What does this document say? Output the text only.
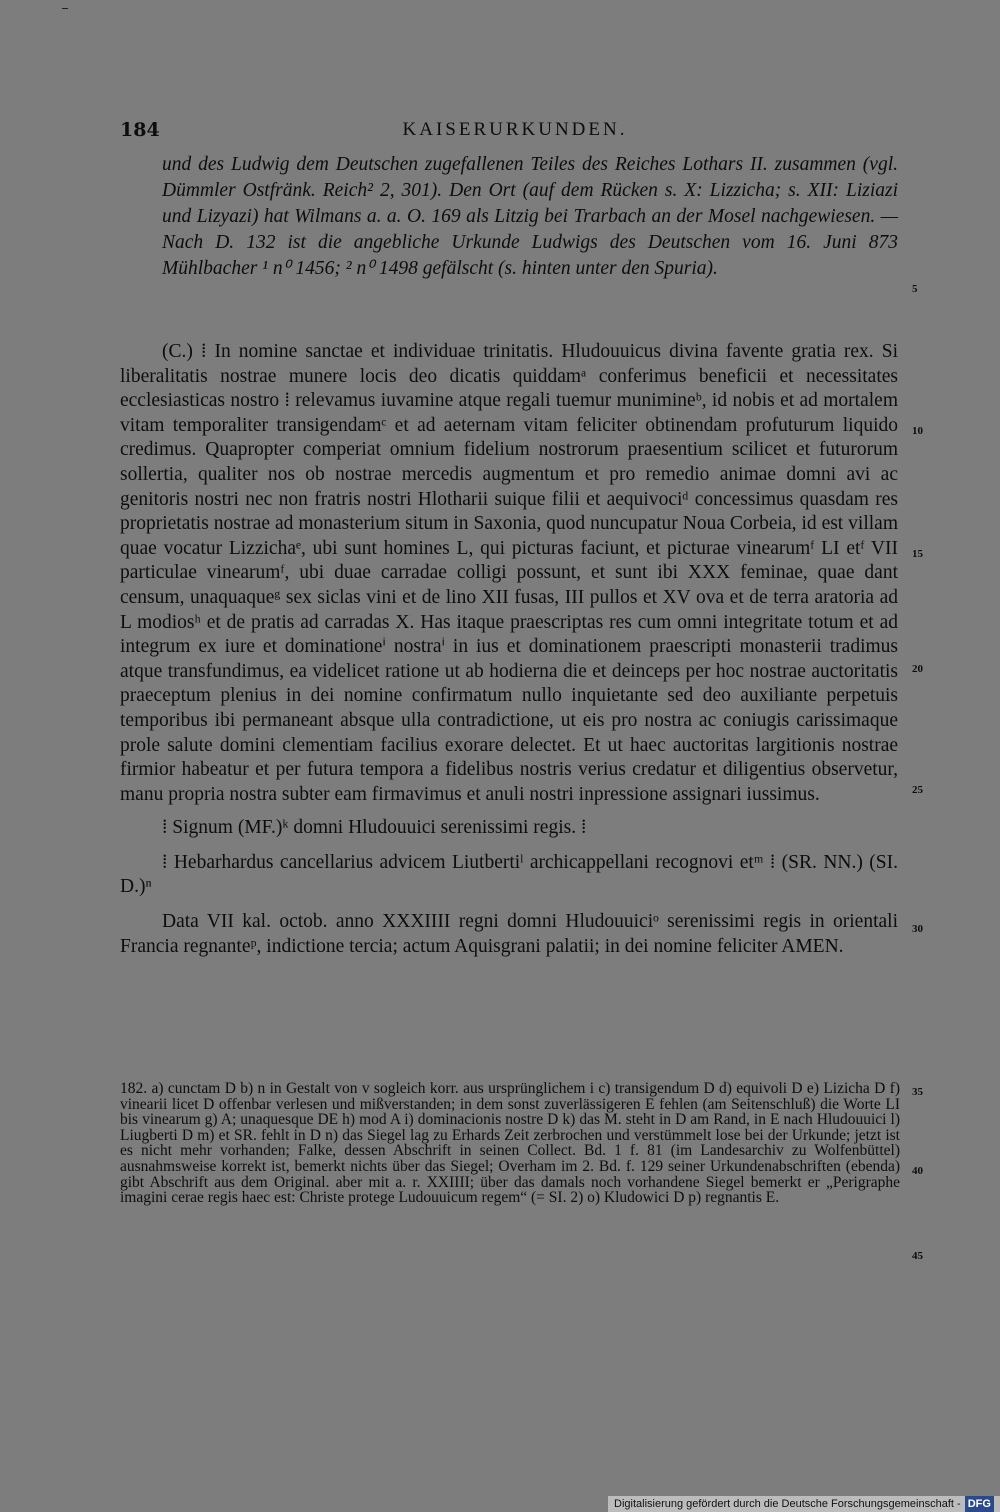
184	KAISERURKUNDEN.
und des Ludwig dem Deutschen zugefallenen Teiles des Reiches Lothars II. zusammen (vgl. Dümmler Ostfränk. Reich² 2, 301). Den Ort (auf dem Rücken s. X: Lizzicha; s. XII: Liziazi und Lizyazi) hat Wilmans a. a. O. 169 als Litzig bei Trarbach an der Mosel nachgewiesen. — Nach D. 132 ist die angebliche Urkunde Ludwigs des Deutschen vom 16. Juni 873 Mühlbacher ¹ n⁰ 1456; ² n⁰ 1498 gefälscht (s. hinten unter den Spuria).

(C.) ⁞ In nomine sanctae et individuae trinitatis. Hludouuicus divina favente gratia rex. Si liberalitatis nostrae munere locis deo dicatis quiddamᵃ conferimus beneficii et necessitates ecclesiasticas nostro ⁞ relevamus iuvamine atque regali tuemur munimineᵇ, id nobis et ad mortalem vitam temporaliter transigendamᶜ et ad aeternam vitam feliciter obtinendam profuturum liquido credimus. Quapropter comperiat omnium fidelium nostrorum praesentium scilicet et futurorum sollertia, qualiter nos ob nostrae mercedis augmentum et pro remedio animae domni avi ac genitoris nostri nec non fratris nostri Hlotharii suique filii et aequivociᵈ concessimus quasdam res proprietatis nostrae ad monasterium situm in Saxonia, quod nuncupatur Noua Corbeia, id est villam quae vocatur Lizzichaᵉ, ubi sunt homines L, qui picturas faciunt, et picturae vinearumᶠ LI etᶠ VII particulae vinearumᶠ, ubi duae carradae colligi possunt, et sunt ibi XXX feminae, quae dant censum, unaquaqueᵍ sex siclas vini et de lino XII fusas, III pullos et XV ova et de terra aratoria ad L modiosʰ et de pratis ad carradas X. Has itaque praescriptas res cum omni integritate totum et ad integrum ex iure et dominationeⁱ nostraⁱ in ius et dominationem praescripti monasterii tradimus atque transfundimus, ea videlicet ratione ut ab hodierna die et deinceps per hoc nostrae auctoritatis praeceptum plenius in dei nomine confirmatum nullo inquietante sed deo auxiliante perpetuis temporibus ibi permaneant absque ulla contradictione, ut eis pro nostra ac coniugis carissimaque prole salute domini clementiam facilius exorare delectet. Et ut haec auctoritas largitionis nostrae firmior habeatur et per futura tempora a fidelibus nostris verius credatur et diligentius observetur, manu propria nostra subter eam firmavimus et anuli nostri inpressione assignari iussimus.

⁞ Signum (MF.)ᵏ domni Hludouuici serenissimi regis. ⁞

⁞ Hebarhardus cancellarius advicem Liutbertiˡ archicappellani recognovi etᵐ ⁞ (SR. NN.) (SI. D.)ⁿ

Data VII kal. octob. anno XXXIIII regni domni Hludouuiciᵒ serenissimi regis in orientali Francia regnanteᵖ, indictione tercia; actum Aquisgrani palatii; in dei nomine feliciter AMEN.

182. a) cunctam D b) n in Gestalt von v sogleich korr. aus ursprünglichem i c) transigendum D d) equivoli D e) Lizicha D f) vinearii licet D offenbar verlesen und mißverstanden; in dem sonst zuverlässigeren E fehlen (am Seitenschluß) die Worte LI bis vinearum g) A; unaquesque DE h) mod A i) dominacionis nostre D k) das M. steht in D am Rand, in E nach Hludouuici l) Liugberti D m) et SR. fehlt in D n) das Siegel lag zu Erhards Zeit zerbrochen und verstümmelt lose bei der Urkunde; jetzt ist es nicht mehr vorhanden; Falke, dessen Abschrift in seinen Collect. Bd. 1 f. 81 (im Landesarchiv zu Wolfenbüttel) ausnahmsweise korrekt ist, bemerkt nichts über das Siegel; Overham im 2. Bd. f. 129 seiner Urkundenabschriften (ebenda) gibt Abschrift aus dem Original. aber mit a. r. XXIIII; über das damals noch vorhandene Siegel bemerkt er „Perigraphe imagini cerae regis haec est: Christe protege Ludouuicum regem“ (= SI. 2) o) Kludowici D p) regnantis E.
5
10
15
20
25
30
35
40
45
Digitalisierung gefördert durch die Deutsche Forschungsgemeinschaft - DFG
